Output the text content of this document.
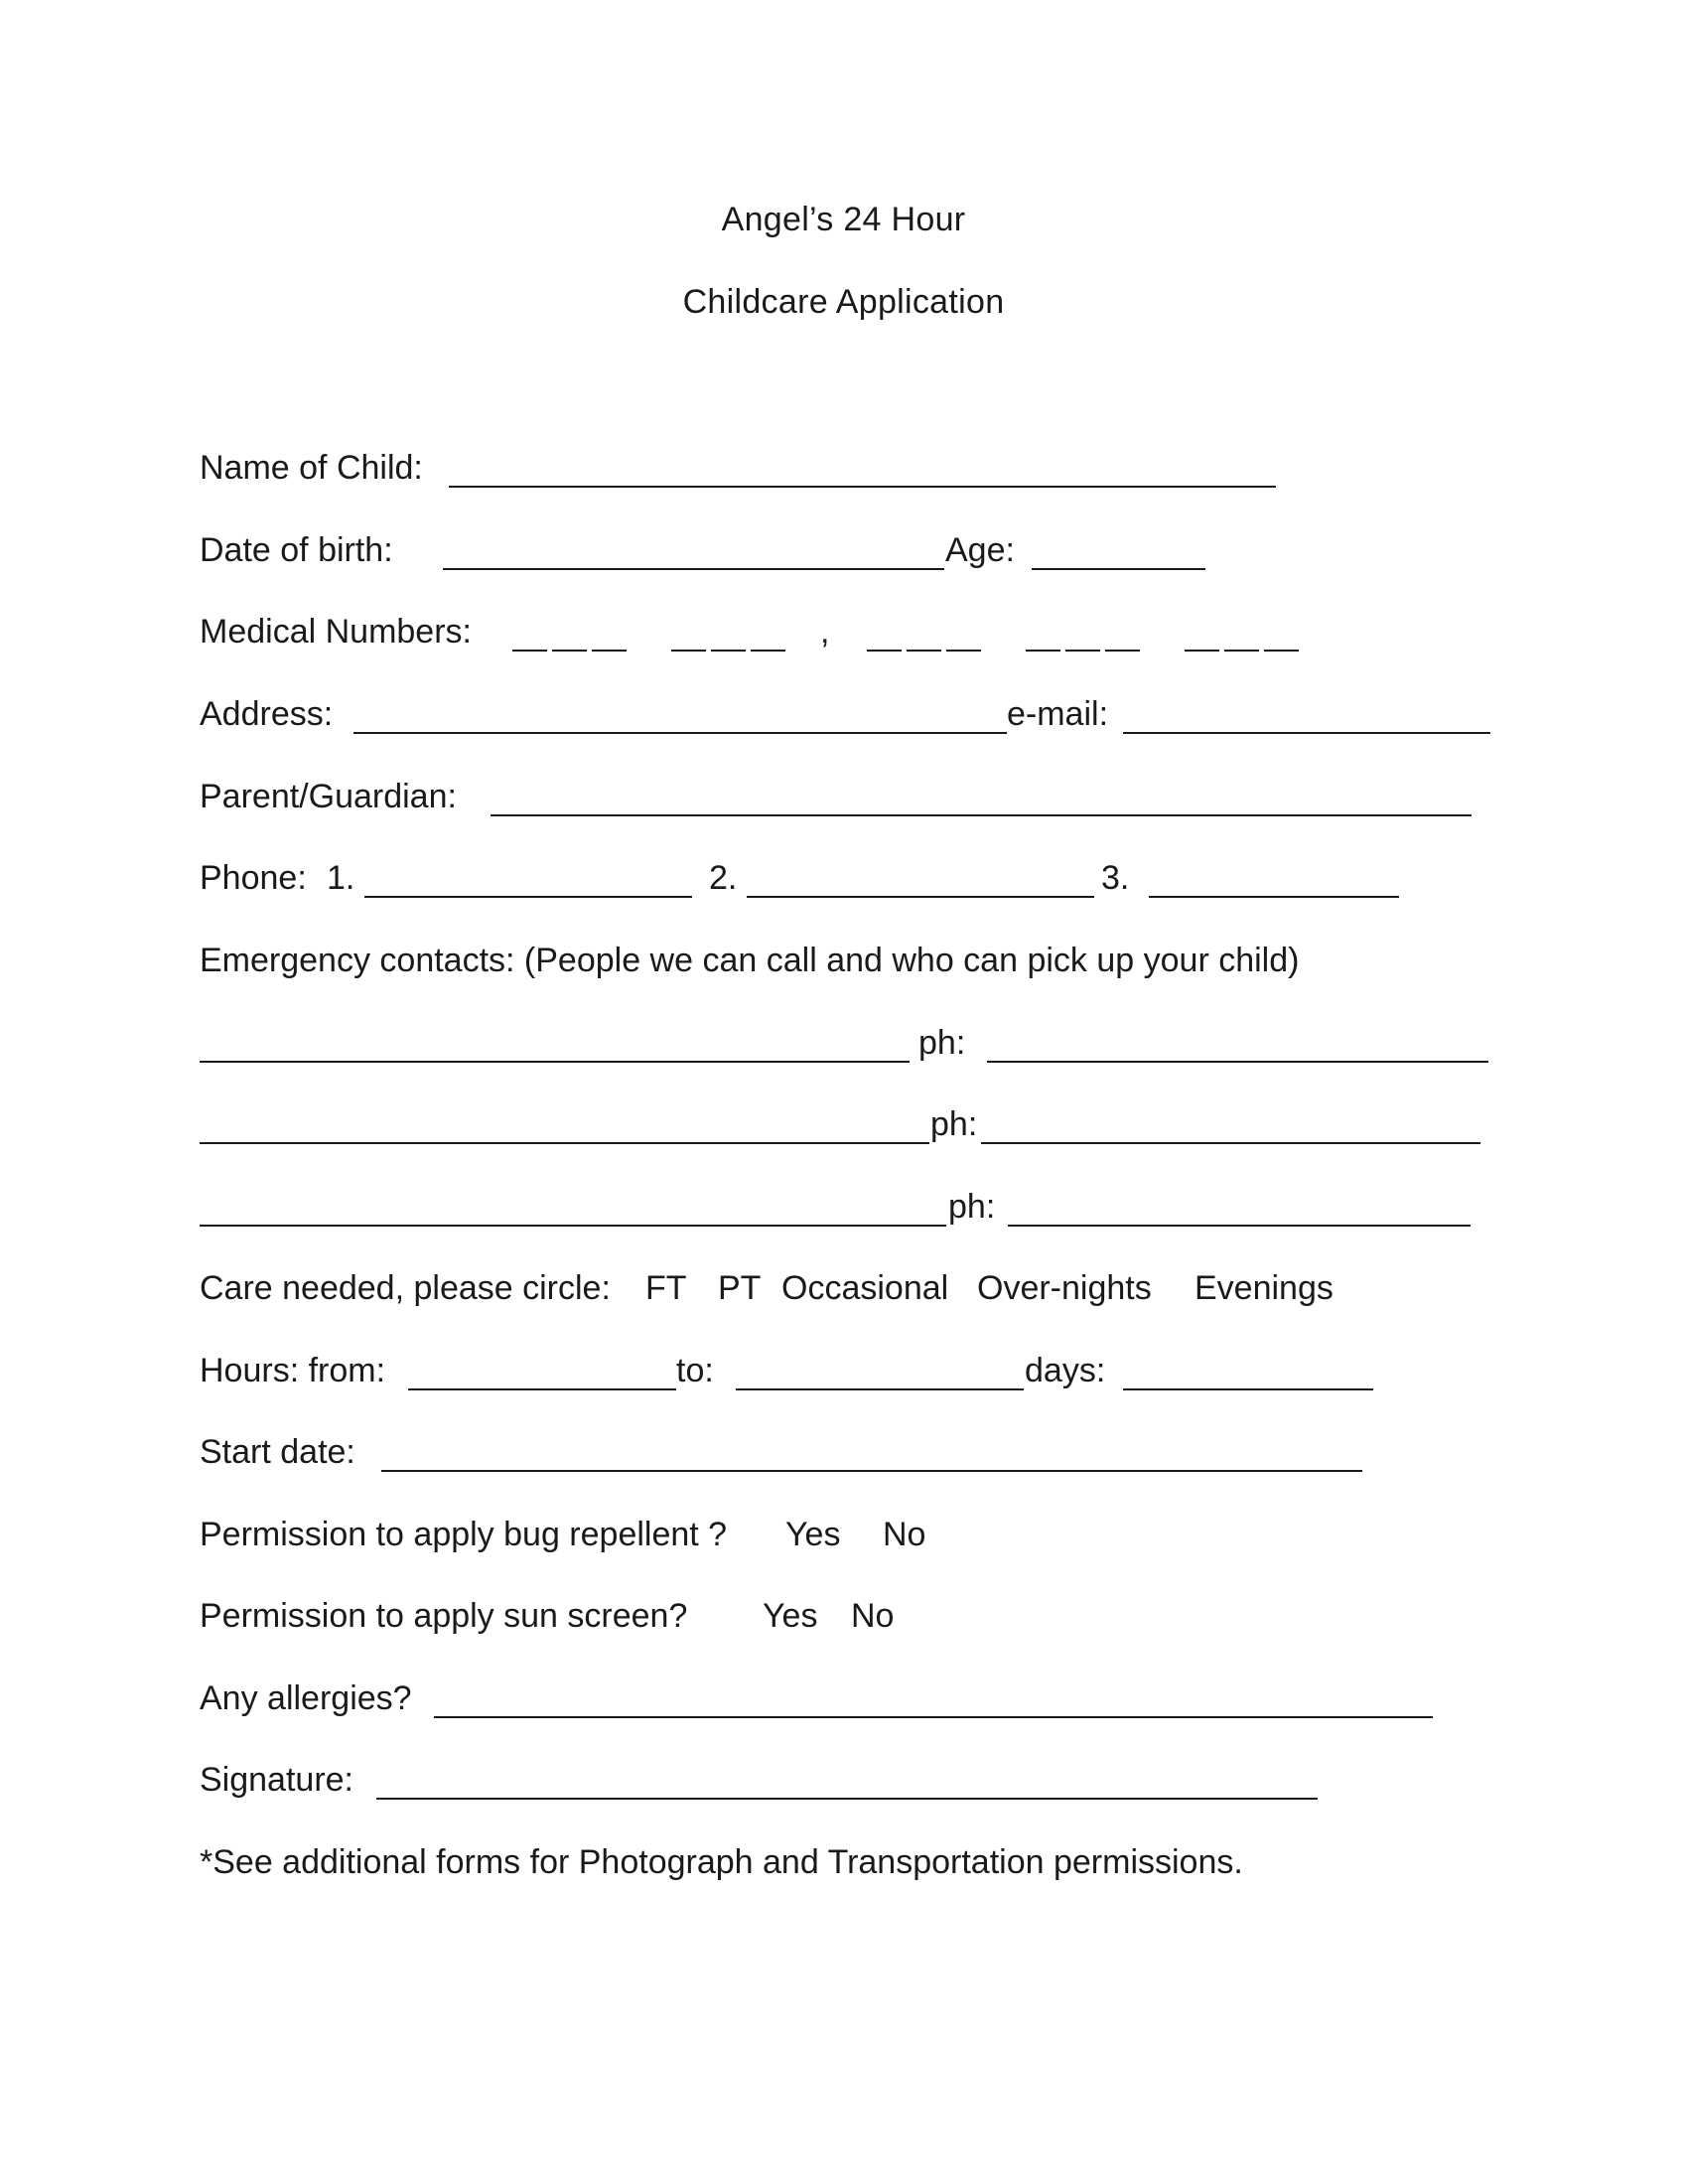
Angel’s 24 Hour
Childcare Application
Name of Child:
Date of birth:	Age:
Medical Numbers:	,
Address:	e-mail:
Parent/Guardian:
Phone: 1.	2.	3.
Emergency contacts: (People we can call and who can pick up your child)
ph:
ph:
ph:
Care needed, please circle: FT PT Occasional Over-nights Evenings
Hours: from:	to:	days:
Start date:
Permission to apply bug repellent ? Yes No
Permission to apply sun screen? Yes No
Any allergies?
Signature:
*See additional forms for Photograph and Transportation permissions.
